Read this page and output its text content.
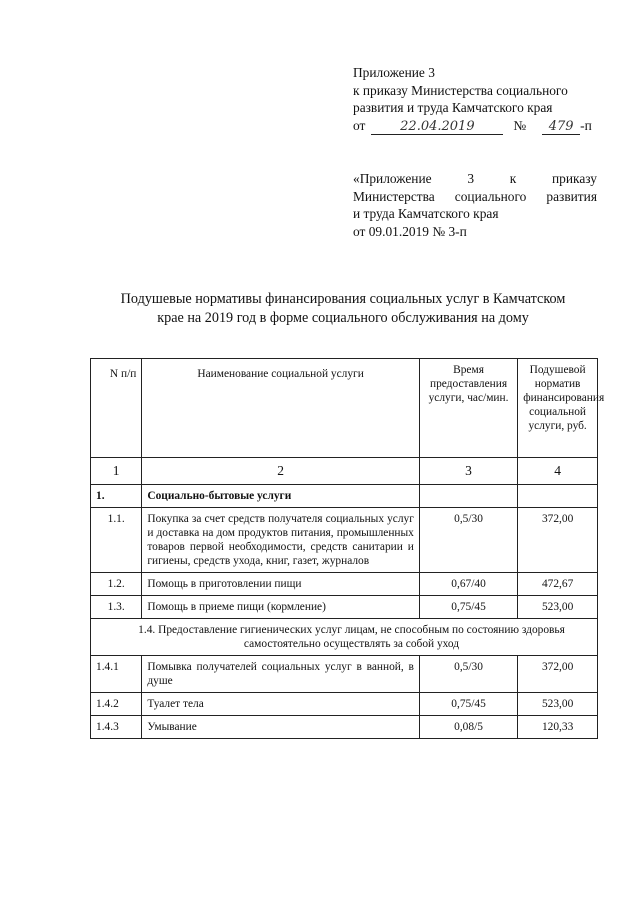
Приложение 3
к приказу Министерства социального
развития и труда Камчатского края
от	22.04.2019	№	479 -п
«Приложение 3 к приказу
Министерства социального развития
и труда Камчатского края
от 09.01.2019 № 3-п
Подушевые нормативы финансирования социальных услуг в Камчатском
крае на 2019 год в форме социального обслуживания на дому
N п/п	Наименование социальной услуги	Время предоставления услуги, час/мин.	Подушевой норматив финансирования социальной услуги, руб.
1	2	3	4
1.	Социально-бытовые услуги		
1.1.	Покупка за счет средств получателя социальных услуг и доставка на дом продуктов питания, промышленных товаров первой необходимости, средств санитарии и гигиены, средств ухода, книг, газет, журналов	0,5/30	372,00
1.2.	Помощь в приготовлении пищи	0,67/40	472,67
1.3.	Помощь в приеме пищи (кормление)	0,75/45	523,00
1.4. Предоставление гигиенических услуг лицам, не способным по состоянию здоровья самостоятельно осуществлять за собой уход			
1.4.1	Помывка получателей социальных услуг в ванной, в душе	0,5/30	372,00
1.4.2	Туалет тела	0,75/45	523,00
1.4.3	Умывание	0,08/5	120,33
